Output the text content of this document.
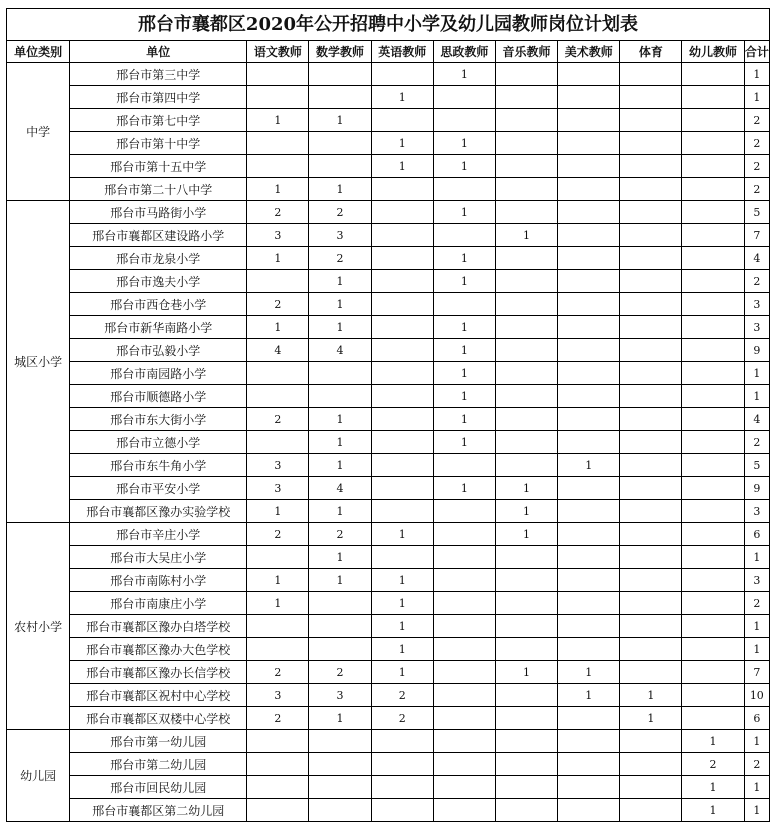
邢台市襄都区2020年公开招聘中小学及幼儿园教师岗位计划表
单位类别	单位	语文教师	数学教师	英语教师	思政教师	音乐教师	美术教师	体育	幼儿教师	合计
中学	邢台市第三中学				1					1
	邢台市第四中学			1						1
	邢台市第七中学	1	1							2
	邢台市第十中学			1	1					2
	邢台市第十五中学			1	1					2
	邢台市第二十八中学	1	1							2
城区小学	邢台市马路街小学	2	2		1					5
	邢台市襄都区建设路小学	3	3			1				7
	邢台市龙泉小学	1	2		1					4
	邢台市逸夫小学		1		1					2
	邢台市西仓巷小学	2	1							3
	邢台市新华南路小学	1	1		1					3
	邢台市弘毅小学	4	4		1					9
	邢台市南园路小学				1					1
	邢台市顺德路小学				1					1
	邢台市东大街小学	2	1		1					4
	邢台市立德小学		1		1					2
	邢台市东牛角小学	3	1				1			5
	邢台市平安小学	3	4		1	1				9
	邢台市襄都区豫办实验学校	1	1			1				3
农村小学	邢台市辛庄小学	2	2	1		1				6
	邢台市大吴庄小学		1							1
	邢台市南陈村小学	1	1	1						3
	邢台市南康庄小学	1		1						2
	邢台市襄都区豫办白塔学校			1						1
	邢台市襄都区豫办大色学校			1						1
	邢台市襄都区豫办长信学校	2	2	1		1	1			7
	邢台市襄都区祝村中心学校	3	3	2			1	1		10
	邢台市襄都区双楼中心学校	2	1	2				1		6
幼儿园	邢台市第一幼儿园								1	1
	邢台市第二幼儿园								2	2
	邢台市回民幼儿园								1	1
	邢台市襄都区第二幼儿园								1	1
